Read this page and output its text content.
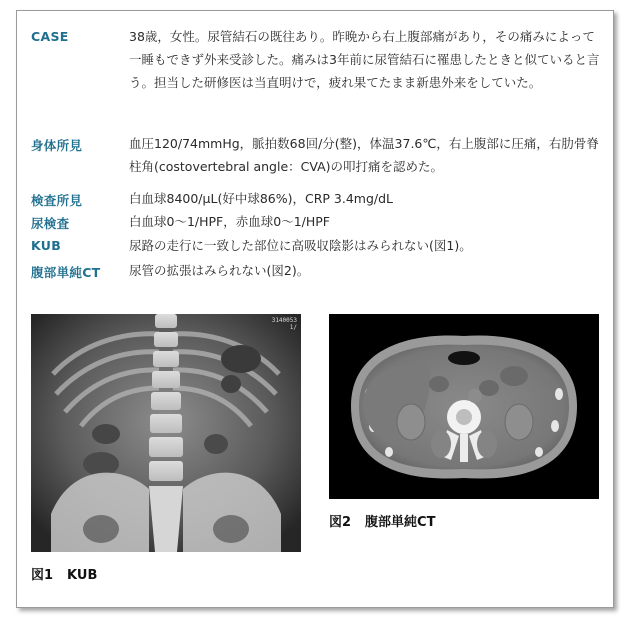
CASE	38歳，女性。尿管結石の既往あり。昨晩から右上腹部痛があり，その痛みによって一睡もできず外来受診した。痛みは3年前に尿管結石に罹患したときと似ていると言う。担当した研修医は当直明けで，疲れ果てたまま新患外来をしていた。
身体所見	血圧120/74mmHg，脈拍数68回/分(整)，体温37.6℃，右上腹部に圧痛，右肋骨脊柱角(costovertebral angle：CVA)の叩打痛を認めた。
検査所見	白血球8400/μL(好中球86%)，CRP 3.4mg/dL
尿検査	白血球0〜1/HPF，赤血球0〜1/HPF
KUB	尿路の走行に一致した部位に高吸収陰影はみられない(図1)。
腹部単純CT 尿管の拡張はみられない(図2)。
3140053
1/
図1 KUB
図2 腹部単純CT
